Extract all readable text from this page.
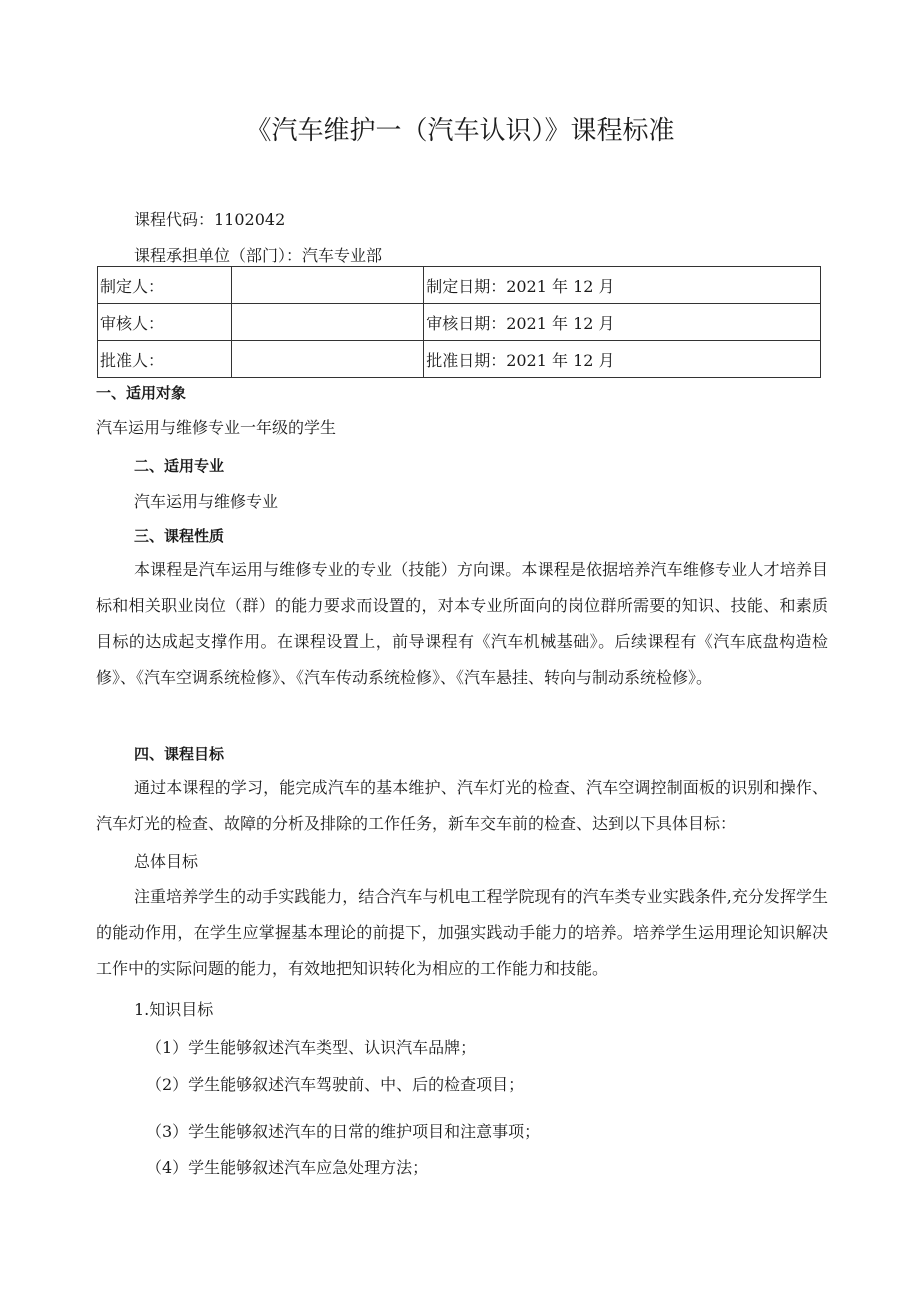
《汽车维护一（汽车认识）》课程标准
课程代码：1102042
课程承担单位（部门）：汽车专业部
制定人：		制定日期：2021 年 12 月
审核人：		审核日期：2021 年 12 月
批准人：		批准日期：2021 年 12 月
一、适用对象
汽车运用与维修专业一年级的学生
二、适用专业
汽车运用与维修专业
三、课程性质
本课程是汽车运用与维修专业的专业（技能）方向课。本课程是依据培养汽车维修专业人才培养目标和相关职业岗位（群）的能力要求而设置的，对本专业所面向的岗位群所需要的知识、技能、和素质目标的达成起支撑作用。在课程设置上，前导课程有《汽车机械基础》。后续课程有《汽车底盘构造检修》、《汽车空调系统检修》、《汽车传动系统检修》、《汽车悬挂、转向与制动系统检修》。
四、课程目标
通过本课程的学习，能完成汽车的基本维护、汽车灯光的检查、汽车空调控制面板的识别和操作、汽车灯光的检查、故障的分析及排除的工作任务，新车交车前的检查、达到以下具体目标：
总体目标
注重培养学生的动手实践能力，结合汽车与机电工程学院现有的汽车类专业实践条件,充分发挥学生的能动作用，在学生应掌握基本理论的前提下，加强实践动手能力的培养。培养学生运用理论知识解决工作中的实际问题的能力，有效地把知识转化为相应的工作能力和技能。
1.知识目标
（1）学生能够叙述汽车类型、认识汽车品牌；
（2）学生能够叙述汽车驾驶前、中、后的检查项目；
（3）学生能够叙述汽车的日常的维护项目和注意事项；
（4）学生能够叙述汽车应急处理方法；
